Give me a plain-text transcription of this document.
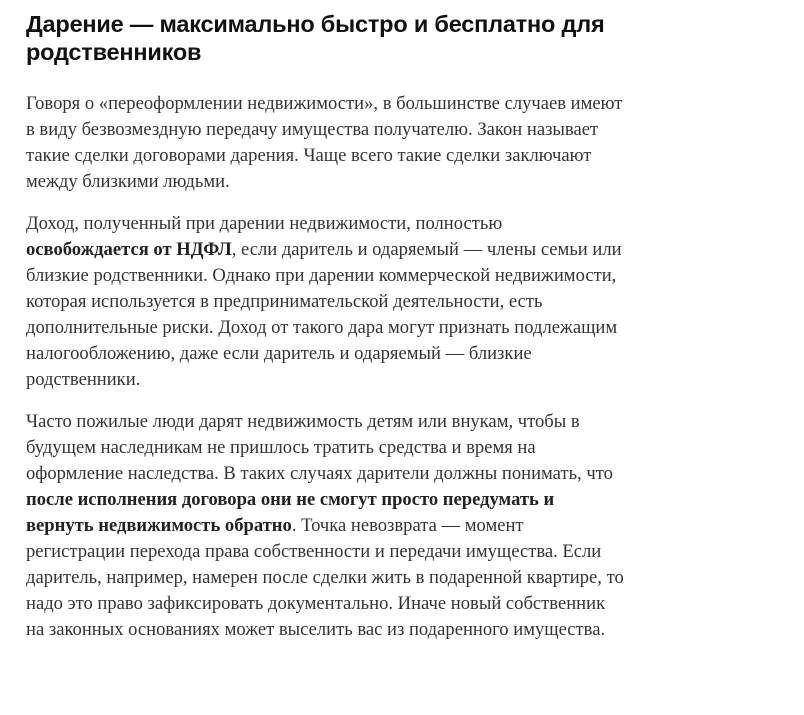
Дарение — максимально быстро и бесплатно для родственников

Говоря о «переоформлении недвижимости», в большинстве случаев имеют в виду безвозмездную передачу имущества получателю. Закон называет такие сделки договорами дарения. Чаще всего такие сделки заключают между близкими людьми.

Доход, полученный при дарении недвижимости, полностью освобождается от НДФЛ, если даритель и одаряемый — члены семьи или близкие родственники. Однако при дарении коммерческой недвижимости, которая используется в предпринимательской деятельности, есть дополнительные риски. Доход от такого дара могут признать подлежащим налогообложению, даже если даритель и одаряемый — близкие родственники.

Часто пожилые люди дарят недвижимость детям или внукам, чтобы в будущем наследникам не пришлось тратить средства и время на оформление наследства. В таких случаях дарители должны понимать, что после исполнения договора они не смогут просто передумать и вернуть недвижимость обратно. Точка невозврата — момент регистрации перехода права собственности и передачи имущества. Если даритель, например, намерен после сделки жить в подаренной квартире, то надо это право зафиксировать документально. Иначе новый собственник на законных основаниях может выселить вас из подаренного имущества.
